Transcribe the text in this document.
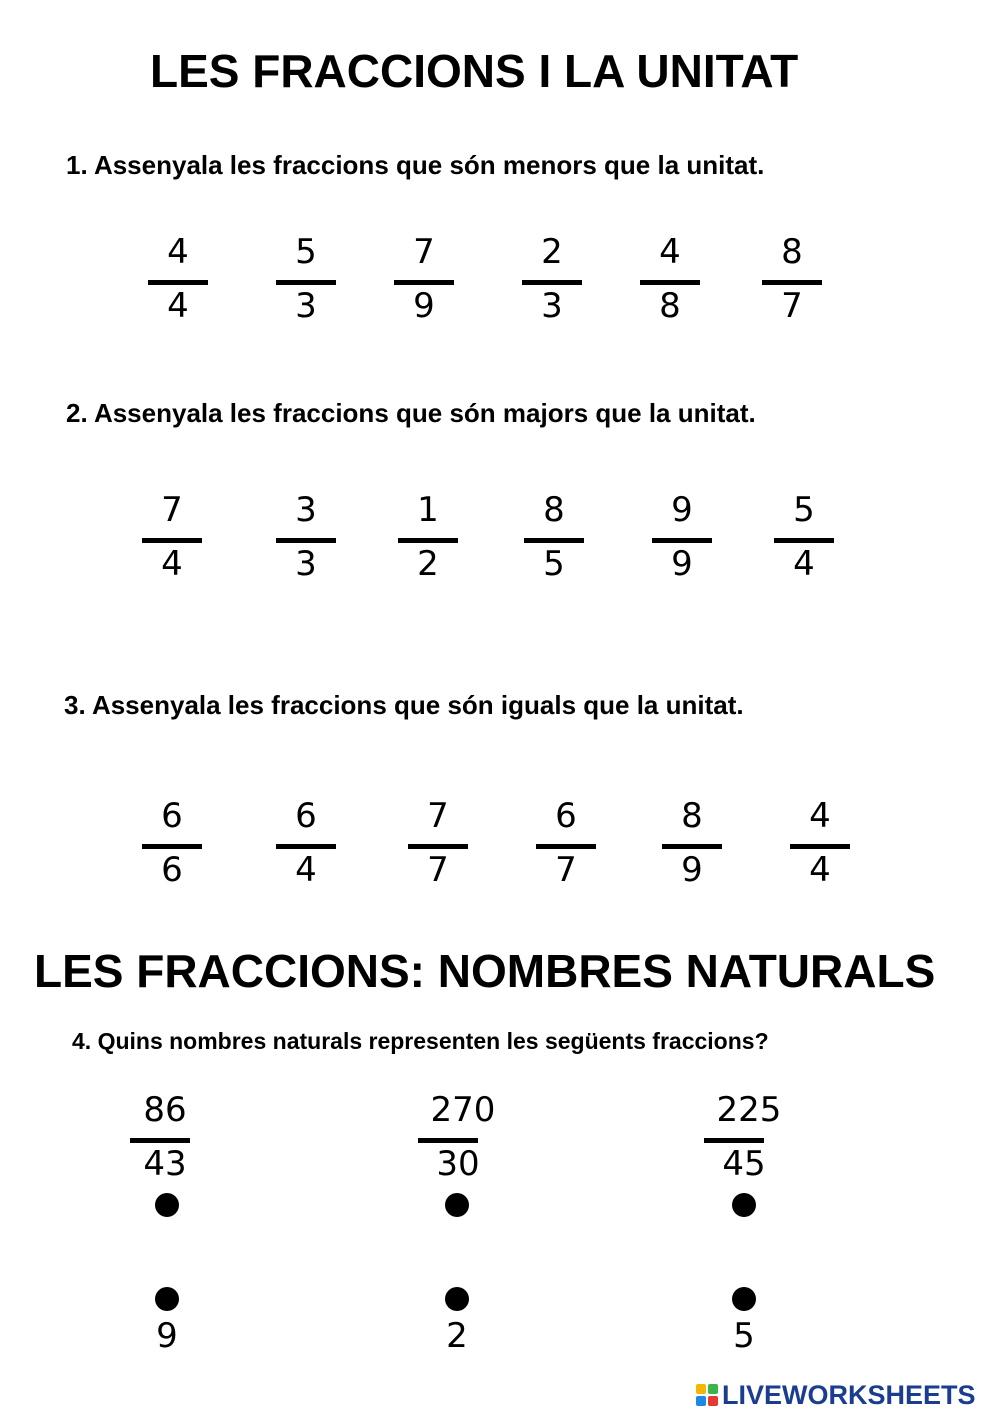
LES FRACCIONS I LA UNITAT
1. Assenyala les fraccions que són menors que la unitat.
4
4
5
3
7
9
2
3
4
8
8
7
2. Assenyala les fraccions que són majors que la unitat.
7
4
3
3
1
2
8
5
9
9
5
4
3. Assenyala les fraccions que són iguals que la unitat.
6
6
6
4
7
7
6
7
8
9
4
4
LES FRACCIONS: NOMBRES NATURALS
4. Quins nombres naturals representen les següents fraccions?
86
43
270
30
225
45
9	2	5
LIVEWORKSHEETS
